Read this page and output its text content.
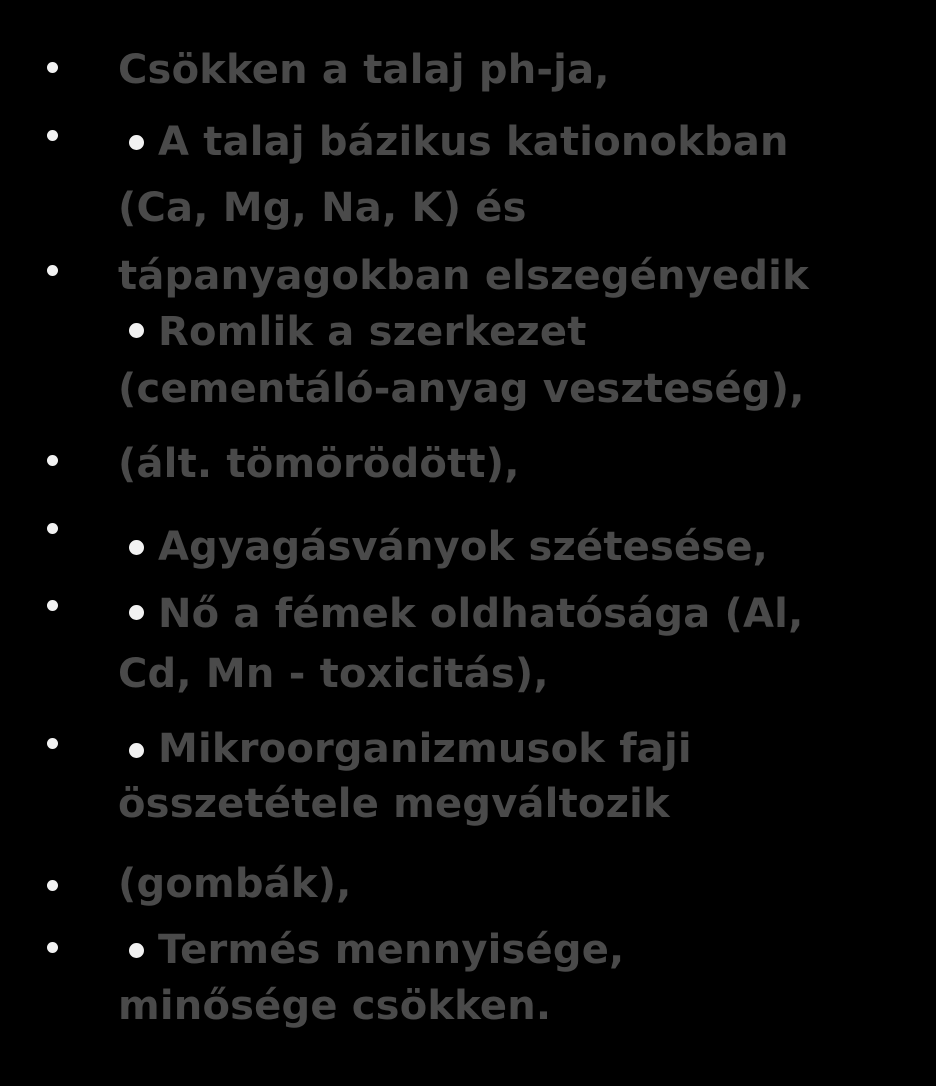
Csökken a talaj ph-ja,
A talaj bázikus kationokban
(Ca, Mg, Na, K) és
tápanyagokban elszegényedik
Romlik a szerkezet
(cementáló-anyag veszteség),
(ált. tömörödött),
Agyagásványok szétesése,
Nő a fémek oldhatósága (Al,
Cd, Mn - toxicitás),
Mikroorganizmusok faji
összetétele megváltozik
(gombák),
Termés mennyisége,
minősége csökken.
